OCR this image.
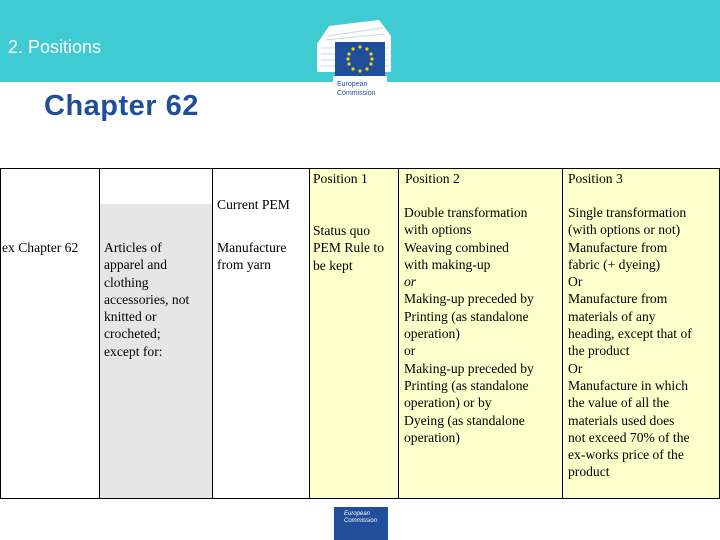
2. Positions
European
Commission
Chapter 62
Position 1	Position 2	Position 3
Current PEM
ex Chapter 62 Articles of
apparel and
clothing
accessories, not
knitted or
crocheted;
except for:
Manufacture
from yarn
Status quo
PEM Rule to
be kept
Double transformation
with options
Weaving combined
with making-up
or
Making-up preceded by
Printing (as standalone
operation)
or
Making-up preceded by
Printing (as standalone
operation) or by
Dyeing (as standalone
operation)
Single transformation
(with options or not)
Manufacture from
fabric (+ dyeing)
Or
Manufacture from
materials of any
heading, except that of
the product
Or
Manufacture in which
the value of all the
materials used does
not exceed 70% of the
ex-works price of the
product
European
Commission
